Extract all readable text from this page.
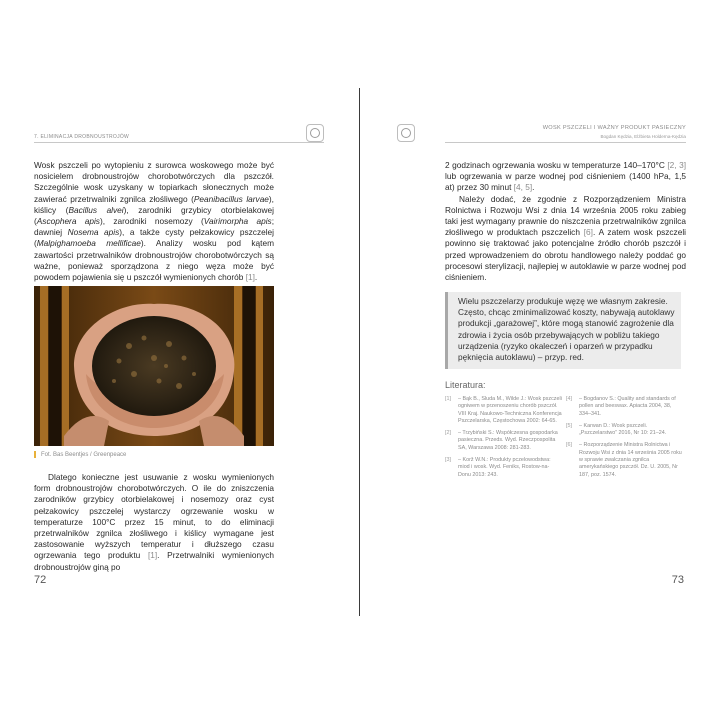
7. ELIMINACJA DROBNOUSTROJÓW

Wosk pszczeli po wytopieniu z surowca woskowego może być nosicielem drobnoustrojów chorobotwórczych dla pszczół. Szczególnie wosk uzyskany w topiarkach słonecznych może zawierać przetrwalniki zgnilca złośliwego (Peanibacillus larvae), kiślicy (Bacillus alvei), zarodniki grzybicy otorbielakowej (Ascophera apis), zarodniki nosemozy (Vairimorpha apis; dawniej Nosema apis), a także cysty pełzakowicy pszczelej (Malpighamoeba mellificae). Analizy wosku pod kątem zawartości przetrwalników drobnoustrojów chorobotwórczych są ważne, ponieważ sporządzona z niego węza może być powodem pojawienia się u pszczół wymienionych chorób [1].

Fot. Bas Beentjes / Greenpeace

Dlatego konieczne jest usuwanie z wosku wymienionych form drobnoustrojów chorobotwórczych. O ile do zniszczenia zarodników grzybicy otorbielakowej i nosemozy oraz cyst pełzakowicy pszczelej wystarczy ogrzewanie wosku w temperaturze 100°C przez 15 minut, to do eliminacji przetrwalników zgnilca złośliwego i kiślicy wymagane jest zastosowanie wyższych temperatur i dłuższego czasu ogrzewania tego produktu [1]. Przetrwalniki wymienionych drobnoustrojów giną po

72
WOSK PSZCZELI I WAŻNY PRODUKT PASIECZNY
Bogdan Kędzia, Elżbieta Holderna-Kędzia

2 godzinach ogrzewania wosku w temperaturze 140–170°C [2, 3] lub ogrzewania w parze wodnej pod ciśnieniem (1400 hPa, 1,5 at) przez 30 minut [4, 5].

Należy dodać, że zgodnie z Rozporządzeniem Ministra Rolnictwa i Rozwoju Wsi z dnia 14 września 2005 roku zabieg taki jest wymagany prawnie do niszczenia przetrwalników zgnilca złośliwego w produktach pszczelich [6]. A zatem wosk pszczeli powinno się traktować jako potencjalne źródło chorób pszczół i przed wprowadzeniem do obrotu handlowego należy poddać go procesowi sterylizacji, najlepiej w autoklawie w parze wodnej pod ciśnieniem.

Wielu pszczelarzy produkuje węzę we własnym zakresie. Często, chcąc zminimalizować koszty, nabywają autoklawy produkcji „garażowej”, które mogą stanowić zagrożenie dla zdrowia i życia osób przebywających w pobliżu takiego urządzenia (ryzyko okaleczeń i oparzeń w przypadku pęknięcia autoklawu) – przyp. red.
Literatura:
[1]	– Bąk B., Sluda M., Wilde J.: Wosk pszczeli ogniwem w przenoszeniu chorób pszczół. VIII Kraj. Naukowo-Techniczna Konferencja Pszczelarska, Częstochowa 2002: 64-65.
[2]	– Trzybiński S.: Współczesna gospodarka pasieczna. Przeds. Wyd. Rzeczpospolita SA, Warszawa 2008: 281-283.
[3]	– Korž W.N.: Produkty pczelowodstwa: miod i wosk. Wyd. Feniks, Rostow-na-Donu 2013: 243.
[4]	– Bogdanov S.: Quality and standards of pollen and beeswax. Apiacta 2004, 38, 334–341.
[5]	– Karwan D.: Wosk pszczeli. „Pszczelarstwo” 2016, Nr 10: 21–24.
[6]	– Rozporządzenie Ministra Rolnictwa i Rozwoju Wsi z dnia 14 września 2005 roku w sprawie zwalczania zgnilca amerykańskiego pszczół. Dz. U. 2005, Nr 187, poz. 1574.
73
